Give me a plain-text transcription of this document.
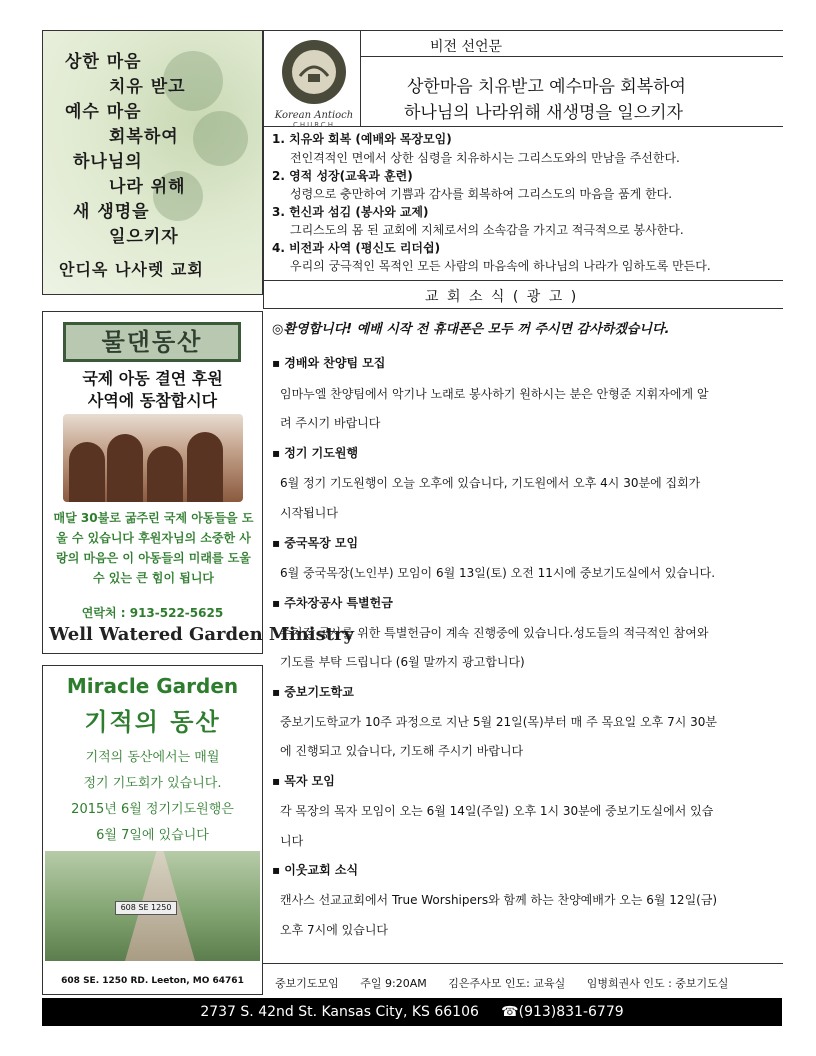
상한 마음
치유 받고
예수 마음
회복하여
하나님의
나라 위해
새 생명을
일으키자
안디옥 나사렛 교회
Korean Antioch
CHURCH
비전 선언문
상한마음 치유받고 예수마음 회복하여
하나님의 나라위해 새생명을 일으키자
1. 치유와 회복 (예배와 목장모임)
전인격적인 면에서 상한 심령을 치유하시는 그리스도와의 만남을 주선한다.
2. 영적 성장(교육과 훈련)
성령으로 충만하여 기쁨과 감사를 회복하여 그리스도의 마음을 품게 한다.
3. 헌신과 섬김 (봉사와 교제)
그리스도의 몸 된 교회에 지체로서의 소속감을 가지고 적극적으로 봉사한다.
4. 비전과 사역 (평신도 리더쉽)
우리의 궁극적인 목적인 모든 사람의 마음속에 하나님의 나라가 임하도록 만든다.
교 회 소 식 ( 광 고 )
물댄동산
국제 아동 결연 후원
사역에 동참합시다
매달 30불로 굶주린 국제 아동들을 도울 수 있습니다 후원자님의 소중한 사랑의 마음은 이 아동들의 미래를 도울 수 있는 큰 힘이 됩니다
연락처 : 913-522-5625
Well Watered Garden Ministry
Miracle Garden
기적의 동산
기적의 동산에서는 매월
정기 기도회가 있습니다.
2015년 6월 정기기도원행은
6월 7일에 있습니다
608 SE 1250
608 SE. 1250 RD. Leeton, MO 64761
◎환영합니다! 예배 시작 전 휴대폰은 모두 꺼 주시면 감사하겠습니다.
▪ 경배와 찬양팀 모집
임마누엘 찬양팀에서 악기나 노래로 봉사하기 원하시는 분은 안형준 지휘자에게 알
려 주시기 바랍니다
▪ 정기 기도원행
6월 정기 기도원행이 오늘 오후에 있습니다, 기도원에서 오후 4시 30분에 집회가
시작됩니다
▪ 중국목장 모임
6월 중국목장(노인부) 모임이 6월 13일(토) 오전 11시에 중보기도실에서 있습니다.
▪ 주차장공사 특별헌금
주차장 공사를 위한 특별헌금이 계속 진행중에 있습니다.성도들의 적극적인 참여와
기도를 부탁 드립니다 (6월 말까지 광고합니다)
▪ 중보기도학교
중보기도학교가 10주 과정으로 지난 5월 21일(목)부터 매 주 목요일 오후 7시 30분
에 진행되고 있습니다, 기도해 주시기 바랍니다
▪ 목자 모임
각 목장의 목자 모임이 오는 6월 14일(주일) 오후 1시 30분에 중보기도실에서 있습
니다
▪ 이웃교회 소식
캔사스 선교교회에서 True Worshipers와 함께 하는 찬양예배가 오는 6월 12일(금)
오후 7시에 있습니다
중보기도모임 주일 9:20AM 김은주사모 인도: 교육실 임병희권사 인도 : 중보기도실
2737 S. 42nd St. Kansas City, KS 66106 ☎(913)831-6779
